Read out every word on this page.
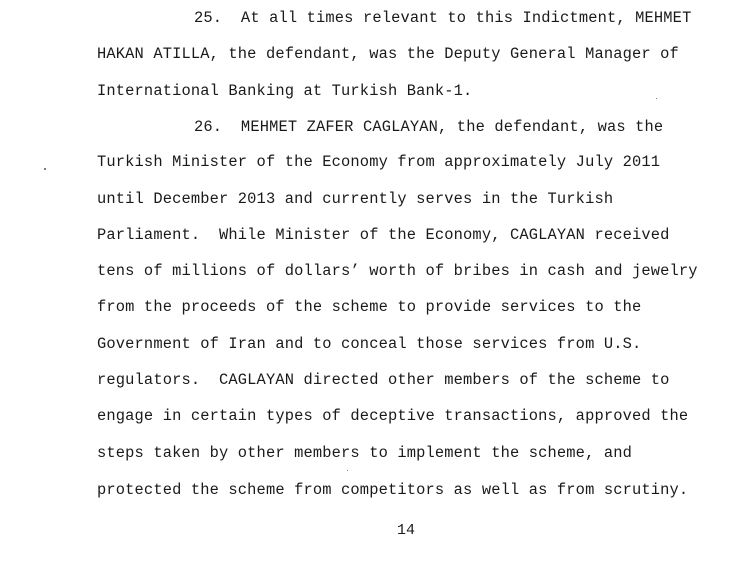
25.  At all times relevant to this Indictment, MEHMET
HAKAN ATILLA, the defendant, was the Deputy General Manager of
International Banking at Turkish Bank-1.
26.  MEHMET ZAFER CAGLAYAN, the defendant, was the
Turkish Minister of the Economy from approximately July 2011
until December 2013 and currently serves in the Turkish
Parliament.  While Minister of the Economy, CAGLAYAN received
tens of millions of dollars’ worth of bribes in cash and jewelry
from the proceeds of the scheme to provide services to the
Government of Iran and to conceal those services from U.S.
regulators.  CAGLAYAN directed other members of the scheme to
engage in certain types of deceptive transactions, approved the
steps taken by other members to implement the scheme, and
protected the scheme from competitors as well as from scrutiny.
14
